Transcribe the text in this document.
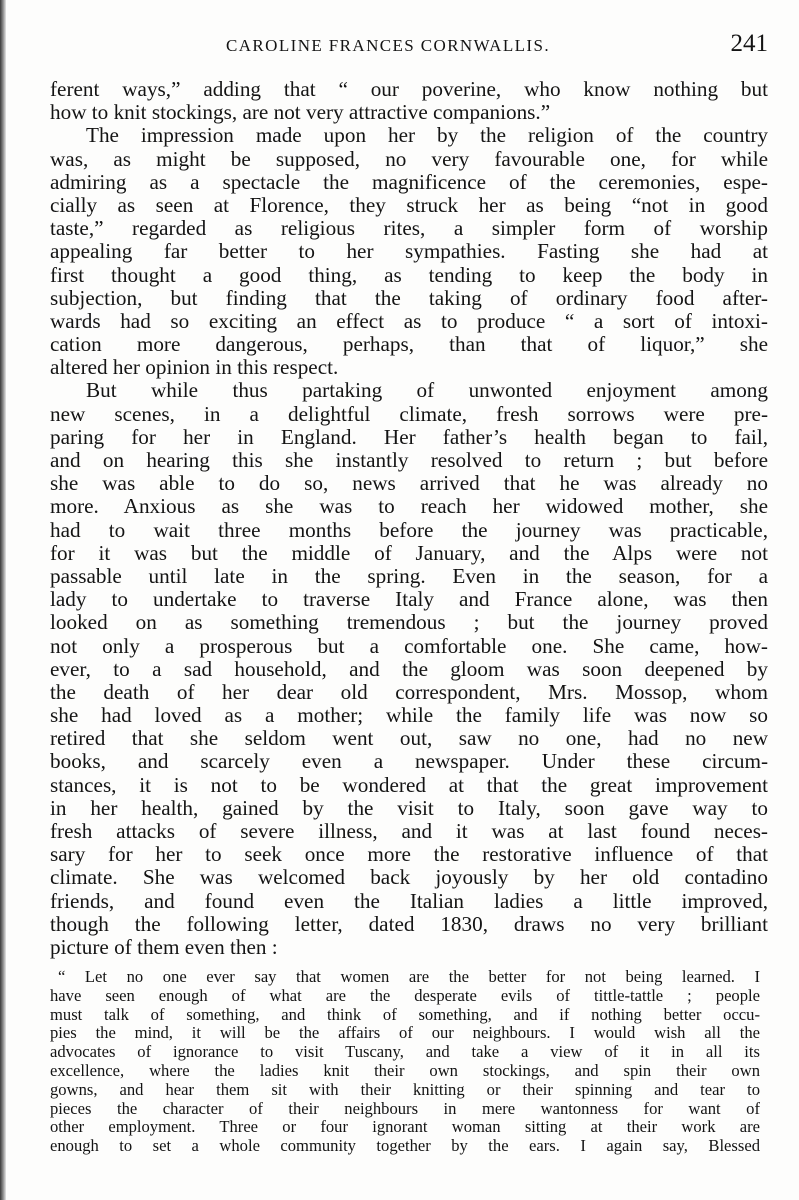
CAROLINE FRANCES CORNWALLIS.	241
ferent ways,” adding that “ our poverine, who know nothing but
how to knit stockings, are not very attractive companions.”
The impression made upon her by the religion of the country
was, as might be supposed, no very favourable one, for while
admiring as a spectacle the magnificence of the ceremonies, espe-
cially as seen at Florence, they struck her as being “not in good
taste,” regarded as religious rites, a simpler form of worship
appealing far better to her sympathies. Fasting she had at
first thought a good thing, as tending to keep the body in
subjection, but finding that the taking of ordinary food after-
wards had so exciting an effect as to produce “ a sort of intoxi-
cation more dangerous, perhaps, than that of liquor,” she
altered her opinion in this respect.
But while thus partaking of unwonted enjoyment among
new scenes, in a delightful climate, fresh sorrows were pre-
paring for her in England. Her father’s health began to fail,
and on hearing this she instantly resolved to return ; but before
she was able to do so, news arrived that he was already no
more. Anxious as she was to reach her widowed mother, she
had to wait three months before the journey was practicable,
for it was but the middle of January, and the Alps were not
passable until late in the spring. Even in the season, for a
lady to undertake to traverse Italy and France alone, was then
looked on as something tremendous ; but the journey proved
not only a prosperous but a comfortable one. She came, how-
ever, to a sad household, and the gloom was soon deepened by
the death of her dear old correspondent, Mrs. Mossop, whom
she had loved as a mother; while the family life was now so
retired that she seldom went out, saw no one, had no new
books, and scarcely even a newspaper. Under these circum-
stances, it is not to be wondered at that the great improvement
in her health, gained by the visit to Italy, soon gave way to
fresh attacks of severe illness, and it was at last found neces-
sary for her to seek once more the restorative influence of that
climate. She was welcomed back joyously by her old contadino
friends, and found even the Italian ladies a little improved,
though the following letter, dated 1830, draws no very brilliant
picture of them even then :
“ Let no one ever say that women are the better for not being learned. I
have seen enough of what are the desperate evils of tittle-tattle ; people
must talk of something, and think of something, and if nothing better occu-
pies the mind, it will be the affairs of our neighbours. I would wish all the
advocates of ignorance to visit Tuscany, and take a view of it in all its
excellence, where the ladies knit their own stockings, and spin their own
gowns, and hear them sit with their knitting or their spinning and tear to
pieces the character of their neighbours in mere wantonness for want of
other employment. Three or four ignorant woman sitting at their work are
enough to set a whole community together by the ears. I again say, Blessed
